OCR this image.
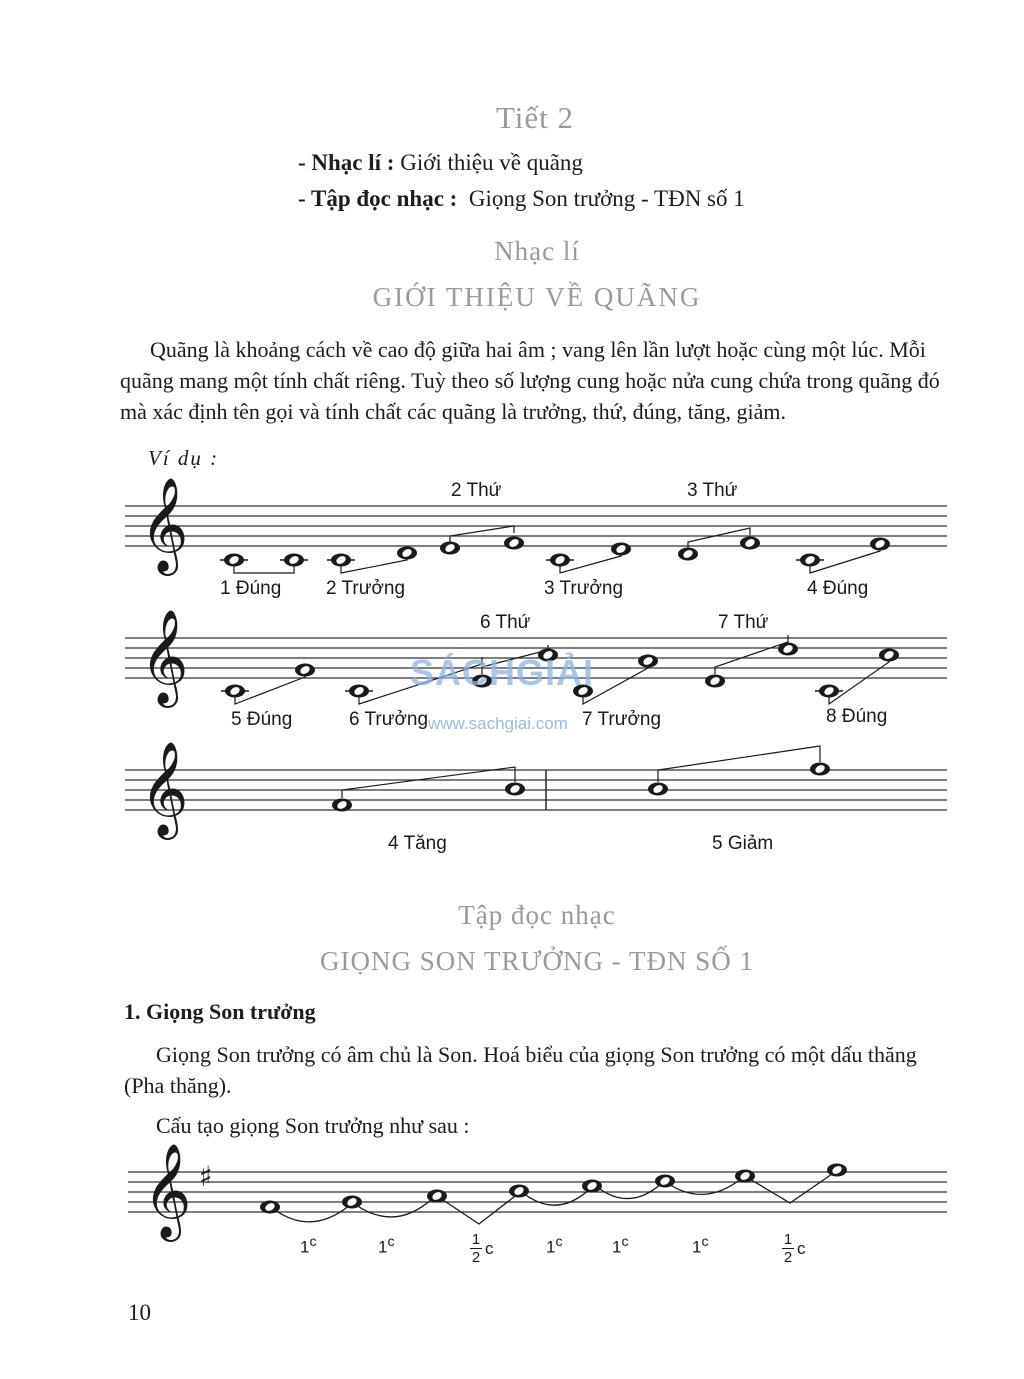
Tiết 2
- Nhạc lí : Giới thiệu về quãng
- Tập đọc nhạc :  Giọng Son trưởng - TĐN số 1
Nhạc lí
GIỚI THIỆU VỀ QUÃNG
Quãng là khoảng cách về cao độ giữa hai âm ; vang lên lần lượt hoặc cùng một lúc. Mỗi quãng mang một tính chất riêng. Tuỳ theo số lượng cung hoặc nửa cung chứa trong quãng đó mà xác định tên gọi và tính chất các quãng là trưởng, thứ, đúng, tăng, giảm.
Ví dụ :
𝄞
𝄞
𝄞
𝄞 ♯
1 Đúng 2 Trưởng
2 Thứ
3 Trưởng
3 Thứ
4 Đúng
5 Đúng	6 Trưởng
6 Thứ
7 Trưởng
7 Thứ
8 Đúng
4 Tăng	5 Giảm
SÁCHGIẢI
www.sachgiai.com
Tập đọc nhạc
GIỌNG SON TRƯỞNG - TĐN SỐ 1
1. Giọng Son trưởng
Giọng Son trưởng có âm chủ là Son. Hoá biểu của giọng Son trưởng có một dấu thăng (Pha thăng).
Cấu tạo giọng Son trưởng như sau :
1$^c$	1$^c$	$\frac{1}{2}$ c	1$^c$	1$^c$	1$^c$	$\frac{1}{2}$ c
10
